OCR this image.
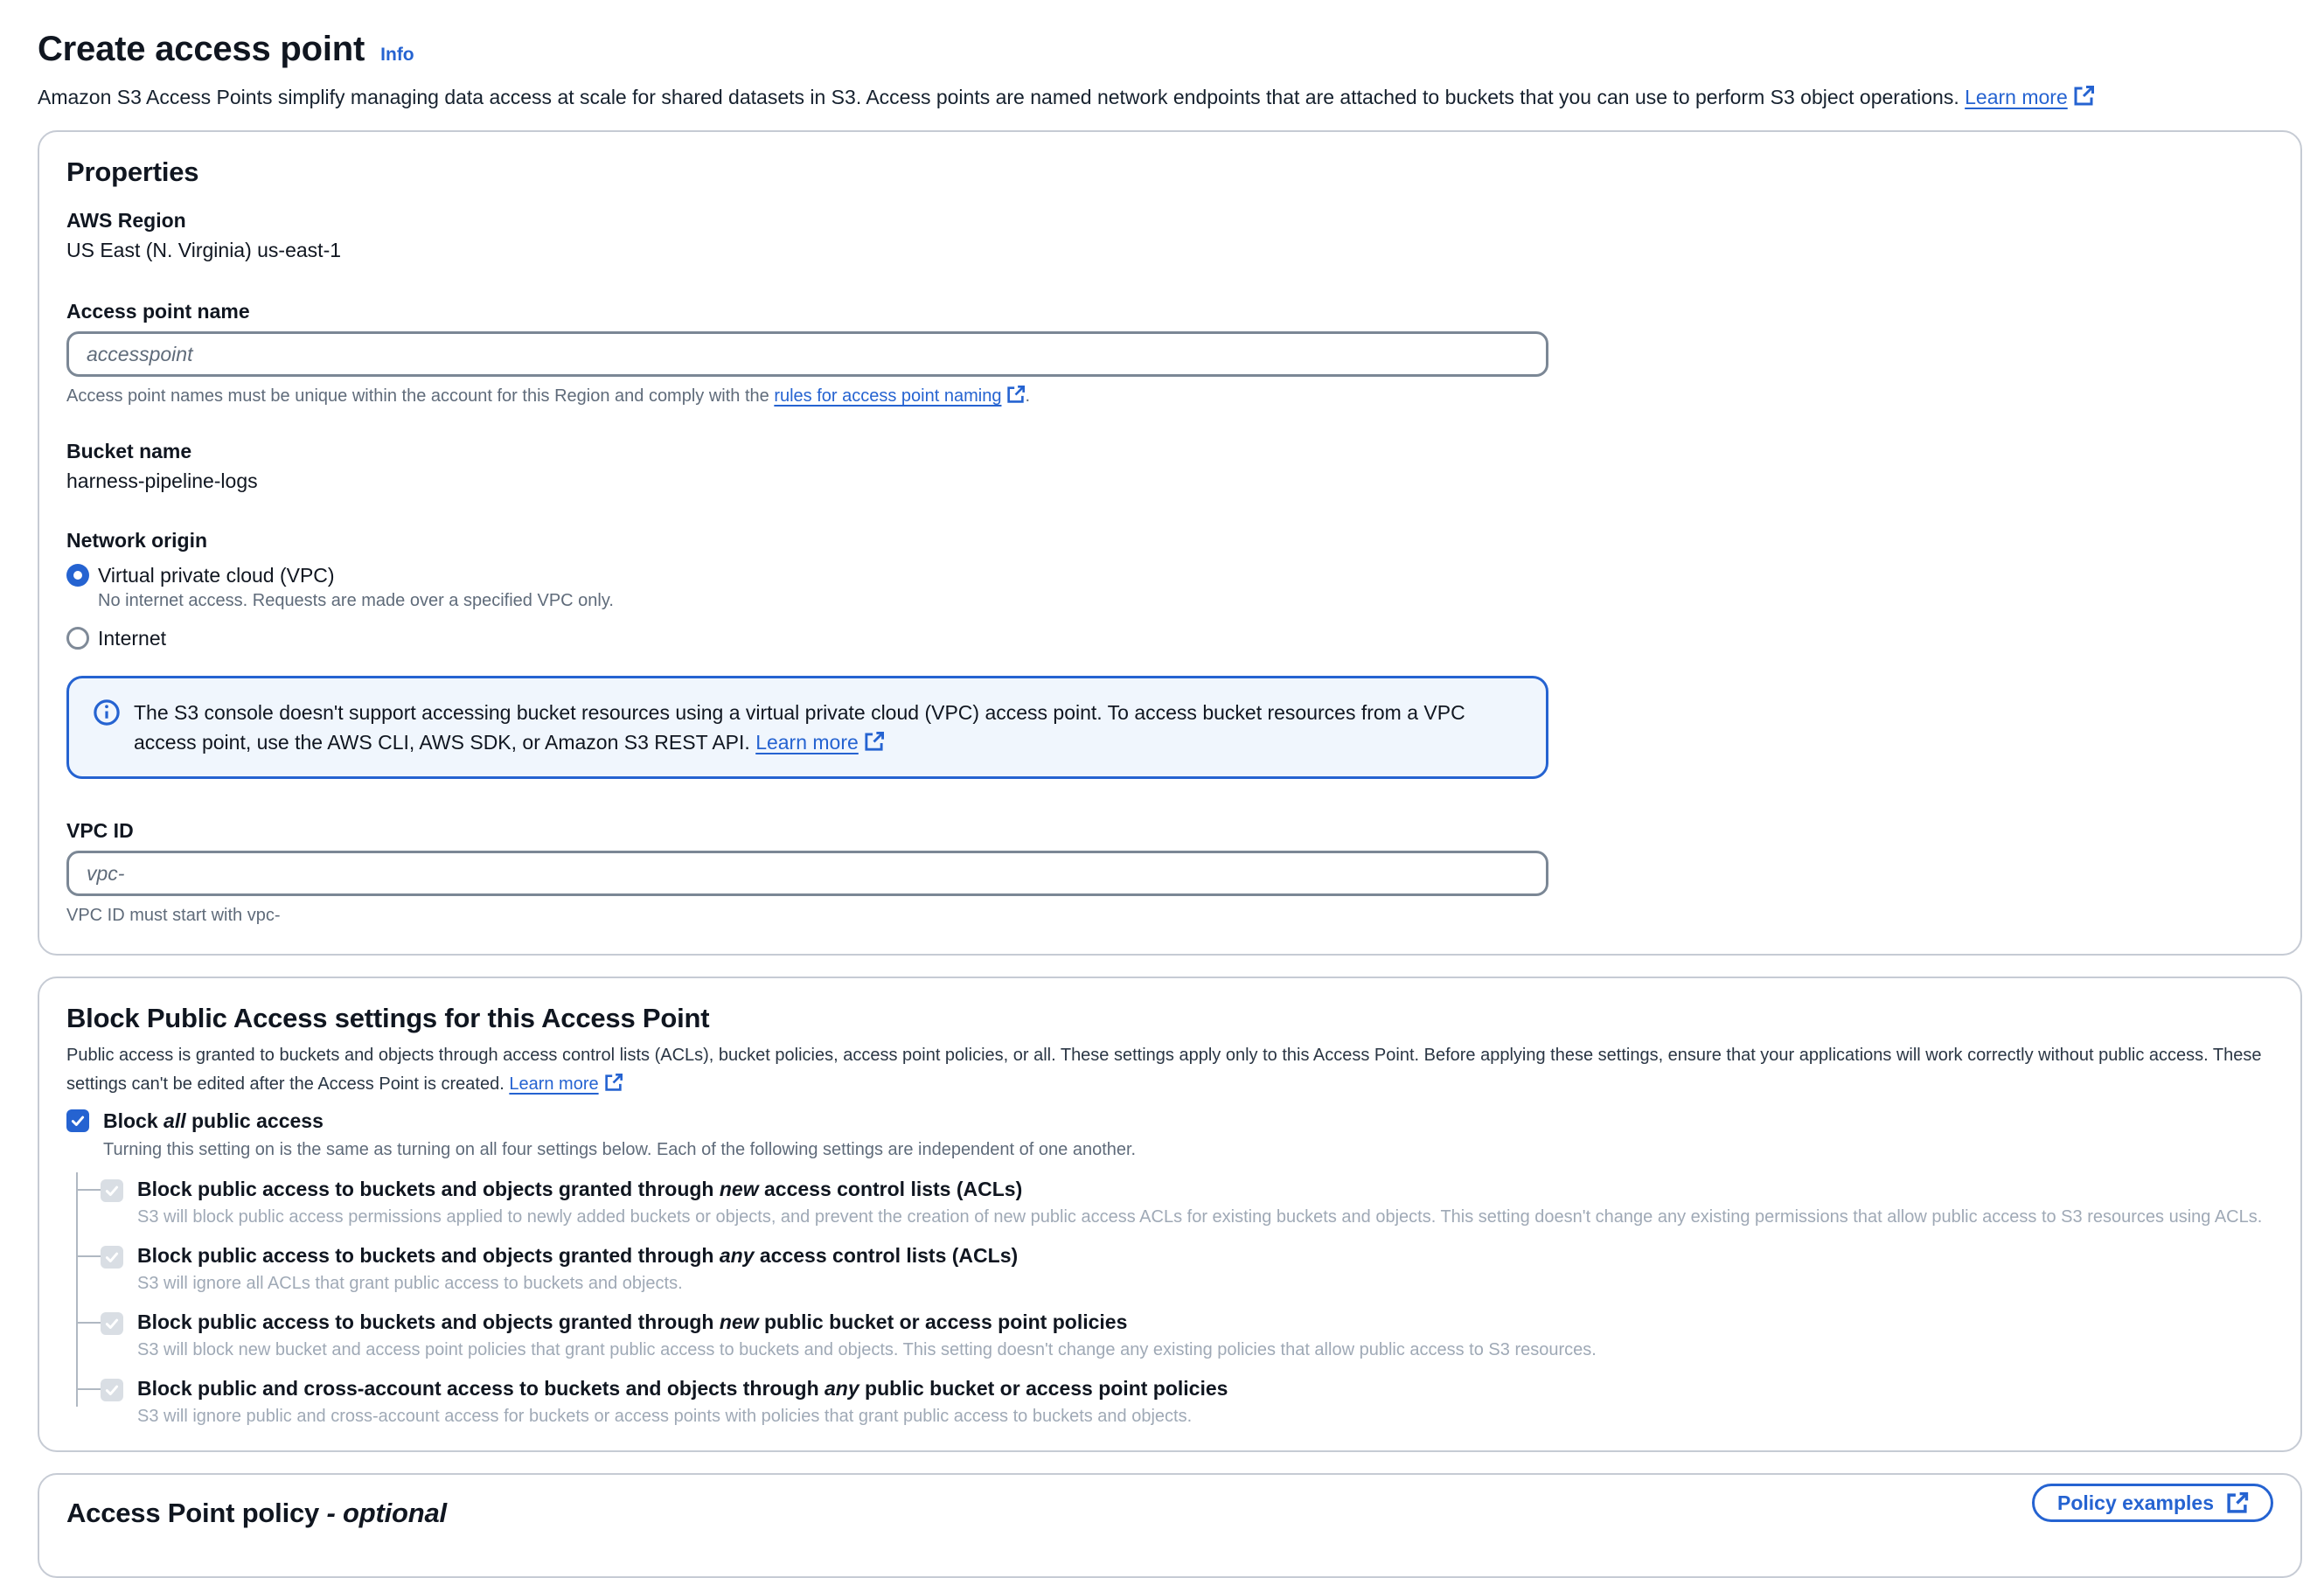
Create access point Info

Amazon S3 Access Points simplify managing data access at scale for shared datasets in S3. Access points are named network endpoints that are attached to buckets that you can use to perform S3 object operations. Learn more

Properties
AWS Region
US East (N. Virginia) us-east-1
Access point name
accesspoint
Access point names must be unique within the account for this Region and comply with the rules for access point naming .
Bucket name
harness-pipeline-logs
Network origin
Virtual private cloud (VPC)
No internet access. Requests are made over a specified VPC only.
Internet
The S3 console doesn't support accessing bucket resources using a virtual private cloud (VPC) access point. To access bucket resources from a VPC access point, use the AWS CLI, AWS SDK, or Amazon S3 REST API. Learn more
VPC ID
vpc-
VPC ID must start with vpc-
Block Public Access settings for this Access Point

Public access is granted to buckets and objects through access control lists (ACLs), bucket policies, access point policies, or all. These settings apply only to this Access Point. Before applying these settings, ensure that your applications will work correctly without public access. These settings can't be edited after the Access Point is created. Learn more

Block all public access
Turning this setting on is the same as turning on all four settings below. Each of the following settings are independent of one another.
Block public access to buckets and objects granted through new access control lists (ACLs)
S3 will block public access permissions applied to newly added buckets or objects, and prevent the creation of new public access ACLs for existing buckets and objects. This setting doesn't change any existing permissions that allow public access to S3 resources using ACLs.
Block public access to buckets and objects granted through any access control lists (ACLs)
S3 will ignore all ACLs that grant public access to buckets and objects.
Block public access to buckets and objects granted through new public bucket or access point policies
S3 will block new bucket and access point policies that grant public access to buckets and objects. This setting doesn't change any existing policies that allow public access to S3 resources.
Block public and cross-account access to buckets and objects through any public bucket or access point policies
S3 will ignore public and cross-account access for buckets or access points with policies that grant public access to buckets and objects.
Access Point policy - optional	Policy examples
